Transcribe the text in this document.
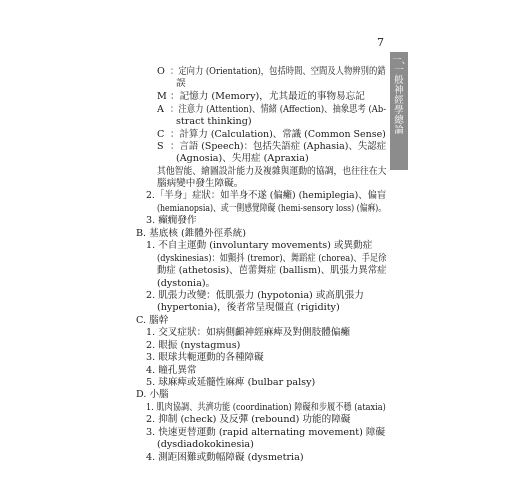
7
一、一般神經學總論
O ：定向力 (Orientation)，包括時間、空間及人物辨別的錯
誤
M ：記憶力 (Memory)，尤其最近的事物易忘記
A ：注意力 (Attention)、情緒 (Affection)、抽象思考 (Ab-
stract thinking)
C ：計算力 (Calculation)、常識 (Common Sense)
S ：言語 (Speech)：包括失語症 (Aphasia)、失認症
(Agnosia)、失用症 (Apraxia)
其他智能、繪圖設計能力及複雜與運動的協調，也往往在大
腦病變中發生障礙。
2.「半身」症狀：如半身不遂 (偏癱) (hemiplegia)、偏盲
(hemianopsia)、或一側感覺障礙 (hemi-sensory loss) (偏痳)。
3. 癲癇發作
B. 基底核 (錐體外徑系統)
1. 不自主運動 (involuntary movements) 或異動症
(dyskinesias)：如顫抖 (tremor)、舞蹈症 (chorea)、手足徐
動症 (athetosis)、芭蕾舞症 (ballism)、肌張力異常症
(dystonia)。
2. 肌張力改變：低肌張力 (hypotonia) 或高肌張力
(hypertonia)，後者常呈現僵直 (rigidity)
C. 腦幹
1. 交叉症狀：如病側顱神經痳痺及對側肢體偏癱
2. 眼振 (nystagmus)
3. 眼球共軛運動的各種障礙
4. 瞳孔異常
5. 球麻痺或延髓性麻痺 (bulbar palsy)
D. 小腦
1. 肌肉協調、共濟功能 (coordination) 障礙和步履不穩 (ataxia)
2. 抑制 (check) 及反彈 (rebound) 功能的障礙
3. 快速更替運動 (rapid alternating movement) 障礙
(dysdiadokokinesia)
4. 測距困難或動幅障礙 (dysmetria)
